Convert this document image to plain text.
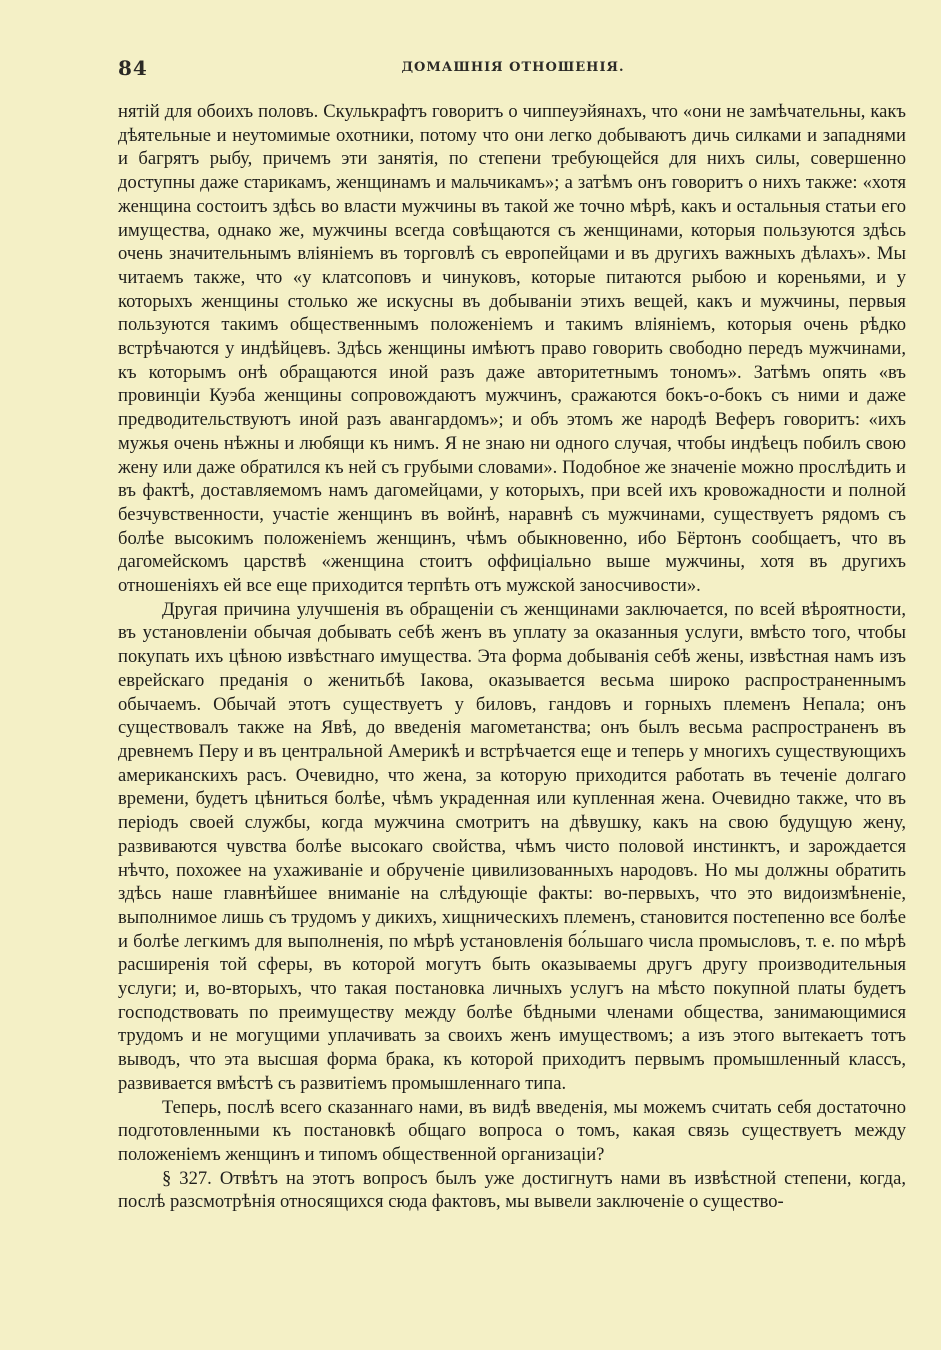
84	ДОМАШНІЯ ОТНОШЕНІЯ.

нятій для обоихъ половъ. Скулькрафтъ говоритъ о чиппеуэйянахъ, что «они не замѣчательны, какъ дѣятельные и неутомимые охотники, потому что они легко добываютъ дичь силками и западнями и багрятъ рыбу, причемъ эти занятія, по степени требующейся для нихъ силы, совершенно доступны даже старикамъ, женщинамъ и мальчикамъ»; а затѣмъ онъ говоритъ о нихъ также: «хотя женщина состоитъ здѣсь во власти мужчины въ такой же точно мѣрѣ, какъ и остальныя статьи его имущества, однако же, мужчины всегда совѣщаются съ женщинами, которыя пользуются здѣсь очень значительнымъ вліяніемъ въ торговлѣ съ европейцами и въ другихъ важныхъ дѣлахъ». Мы читаемъ также, что «у клатсоповъ и чинуковъ, которые питаются рыбою и кореньями, и у которыхъ женщины столько же искусны въ добываніи этихъ вещей, какъ и мужчины, первыя пользуются такимъ общественнымъ положеніемъ и такимъ вліяніемъ, которыя очень рѣдко встрѣчаются у индѣйцевъ. Здѣсь женщины имѣютъ право говорить свободно передъ мужчинами, къ которымъ онѣ обращаются иной разъ даже авторитетнымъ тономъ». Затѣмъ опять «въ провинціи Куэба женщины сопровождаютъ мужчинъ, сражаются бокъ-о-бокъ съ ними и даже предводительствуютъ иной разъ авангардомъ»; и объ этомъ же народѣ Веферъ говоритъ: «ихъ мужья очень нѣжны и любящи къ нимъ. Я не знаю ни одного случая, чтобы индѣецъ побилъ свою жену или даже обратился къ ней съ грубыми словами». Подобное же значеніе можно прослѣдить и въ фактѣ, доставляемомъ намъ дагомейцами, у которыхъ, при всей ихъ кровожадности и полной безчувственности, участіе женщинъ въ войнѣ, наравнѣ съ мужчинами, существуетъ рядомъ съ болѣе высокимъ положеніемъ женщинъ, чѣмъ обыкновенно, ибо Бёртонъ сообщаетъ, что въ дагомейскомъ царствѣ «женщина стоитъ оффиціально выше мужчины, хотя въ другихъ отношеніяхъ ей все еще приходится терпѣть отъ мужской заносчивости».

Другая причина улучшенія въ обращеніи съ женщинами заключается, по всей вѣроятности, въ установленіи обычая добывать себѣ женъ въ уплату за оказанныя услуги, вмѣсто того, чтобы покупать ихъ цѣною извѣстнаго имущества. Эта форма добыванія себѣ жены, извѣстная намъ изъ еврейскаго преданія о женитьбѣ Іакова, оказывается весьма широко распространеннымъ обычаемъ. Обычай этотъ существуетъ у биловъ, гандовъ и горныхъ племенъ Непала; онъ существовалъ также на Явѣ, до введенія магометанства; онъ былъ весьма распространенъ въ древнемъ Перу и въ центральной Америкѣ и встрѣчается еще и теперь у многихъ существующихъ американскихъ расъ. Очевидно, что жена, за которую приходится работать въ теченіе долгаго времени, будетъ цѣниться болѣе, чѣмъ украденная или купленная жена. Очевидно также, что въ періодъ своей службы, когда мужчина смотритъ на дѣвушку, какъ на свою будущую жену, развиваются чувства болѣе высокаго свойства, чѣмъ чисто половой инстинктъ, и зарождается нѣчто, похожее на ухаживаніе и обрученіе цивилизованныхъ народовъ. Но мы должны обратить здѣсь наше главнѣйшее вниманіе на слѣдующіе факты: во-первыхъ, что это видоизмѣненіе, выполнимое лишь съ трудомъ у дикихъ, хищническихъ племенъ, становится постепенно все болѣе и болѣе легкимъ для выполненія, по мѣрѣ установленія бо́льшаго числа промысловъ, т. е. по мѣрѣ расширенія той сферы, въ которой могутъ быть оказываемы другъ другу производительныя услуги; и, во-вторыхъ, что такая постановка личныхъ услугъ на мѣсто покупной платы будетъ господствовать по преимуществу между болѣе бѣдными членами общества, занимающимися трудомъ и не могущими уплачивать за своихъ женъ имуществомъ; а изъ этого вытекаетъ тотъ выводъ, что эта высшая форма брака, къ которой приходитъ первымъ промышленный классъ, развивается вмѣстѣ съ развитіемъ промышленнаго типа.

Теперь, послѣ всего сказаннаго нами, въ видѣ введенія, мы можемъ считать себя достаточно подготовленными къ постановкѣ общаго вопроса о томъ, какая связь существуетъ между положеніемъ женщинъ и типомъ общественной организаціи?

§ 327. Отвѣтъ на этотъ вопросъ былъ уже достигнутъ нами въ извѣстной степени, когда, послѣ разсмотрѣнія относящихся сюда фактовъ, мы вывели заключеніе о существо-
